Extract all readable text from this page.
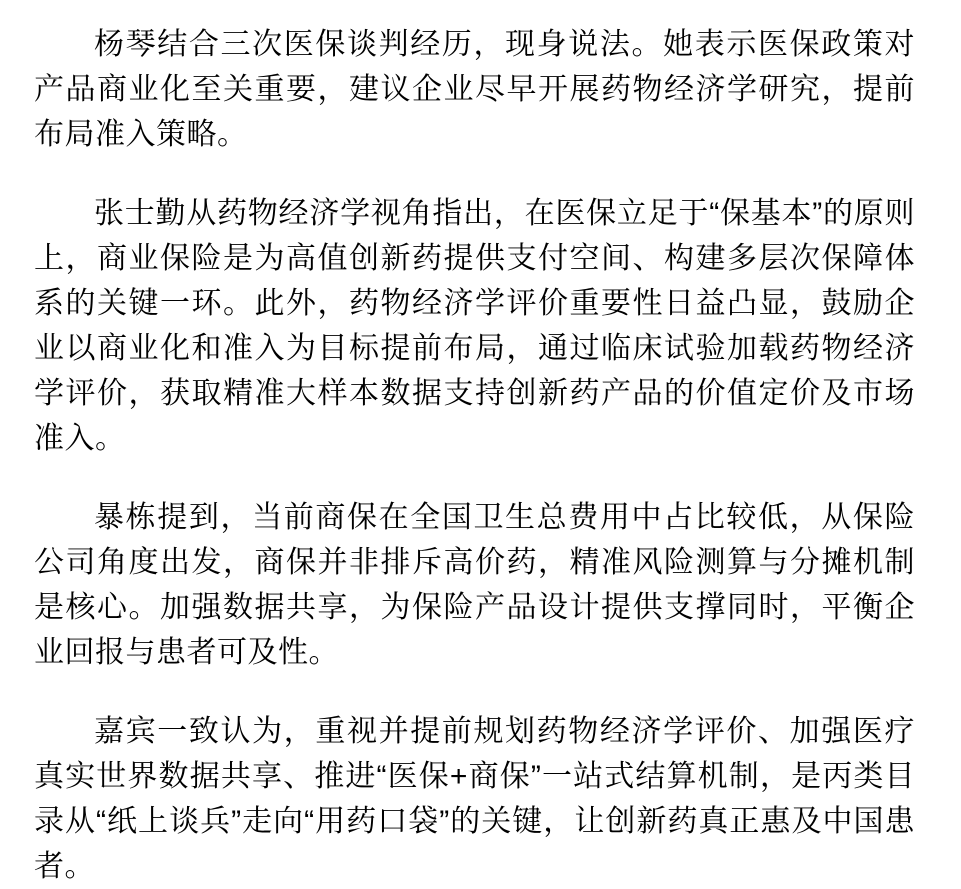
杨琴结合三次医保谈判经历，现身说法。她表示医保政策对产品商业化至关重要，建议企业尽早开展药物经济学研究，提前布局准入策略。

张士勤从药物经济学视角指出，在医保立足于“保基本”的原则上，商业保险是为高值创新药提供支付空间、构建多层次保障体系的关键一环。此外，药物经济学评价重要性日益凸显，鼓励企业以商业化和准入为目标提前布局，通过临床试验加载药物经济学评价，获取精准大样本数据支持创新药产品的价值定价及市场准入。

暴栋提到，当前商保在全国卫生总费用中占比较低，从保险公司角度出发，商保并非排斥高价药，精准风险测算与分摊机制是核心。加强数据共享，为保险产品设计提供支撑同时，平衡企业回报与患者可及性。

嘉宾一致认为，重视并提前规划药物经济学评价、加强医疗真实世界数据共享、推进“医保+商保”一站式结算机制，是丙类目录从“纸上谈兵”走向“用药口袋”的关键，让创新药真正惠及中国患者。
